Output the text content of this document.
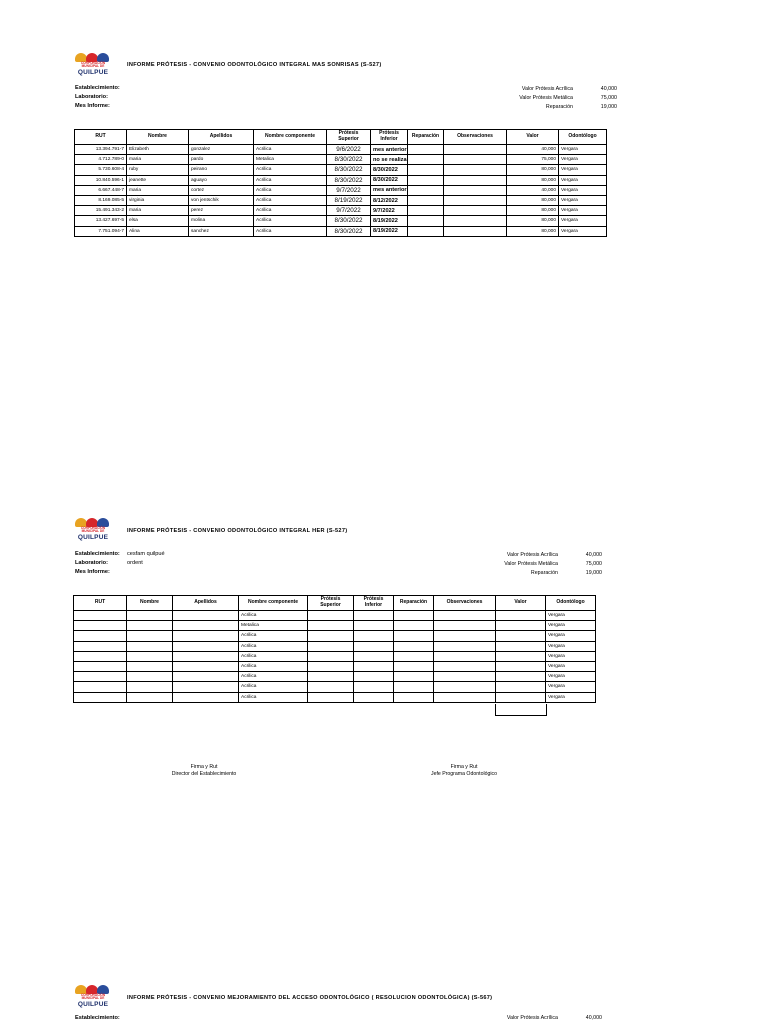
CORPORACIÓN MUNICIPAL DE
QUILPUE
INFORME PRÓTESIS - CONVENIO ODONTOLÓGICO INTEGRAL MAS SONRISAS (S-527)
Establecimiento:
Laboratorio:
Mes Informe:
Valor Prótesis Acrílica	40,000
Valor Prótesis Metálica	75,000
Reparación	19,000
RUT	Nombre	Apellidos	Nombre componente	Prótesis Superior	Prótesis Inferior	Reparación	Observaciones	Valor	Odontólogo
13.394.791-7	Elizabeth	gonzalez	Acrilica	9/6/2022	mes anterior			40,000	Vergara
4.712.789-0	maria	pardo	Metalica	8/30/2022	no se realiza			75,000	Vergara
5.730.608-4	ruby	peirano	Acrilica	8/30/2022	8/30/2022			80,000	Vergara
10.840.596-1	jeanette	aguayo	Acrilica	8/30/2022	8/30/2022			80,000	Vergara
6.667.448-7	maria	cortez	Acrilica	9/7/2022	mes anterior			40,000	Vergara
8.169.085-5	virginia	von jentschik	Acrilica	8/19/2022	8/12/2022			80,000	Vergara
15.491.343-2	maria	perez	Acrilica	9/7/2022	9/7/2022			80,000	Vergara
13.427.697-5	elsa	molina	Acrilica	8/30/2022	8/19/2022			80,000	Vergara
7.751.094-7	Alina	sanchez	Acrilica	8/30/2022	8/19/2022			80,000	Vergara
CORPORACIÓN MUNICIPAL DE
QUILPUE
INFORME PRÓTESIS - CONVENIO ODONTOLÓGICO INTEGRAL HER (S-527)
Establecimiento: cesfam quilpué
Laboratorio:	ordent
Mes Informe:
Valor Prótesis Acrílica	40,000
Valor Prótesis Metálica	75,000
Reparación	19,000
RUT	Nombre	Apellidos	Nombre componente	Prótesis Superior	Prótesis Inferior	Reparación	Observaciones	Valor	Odontólogo
			Acrilica						Vergara
			Metalica						Vergara
			Acrilica						Vergara
			Acrilica						Vergara
			Acrilica						Vergara
			Acrilica						Vergara
			Acrilica						Vergara
			Acrilica						Vergara
			Acrilica						Vergara
Firma y Rut
Director del Establecimiento
Firma y Rut
Jefe Programa Odontológico
CORPORACIÓN MUNICIPAL DE
QUILPUE
INFORME PRÓTESIS - CONVENIO MEJORAMIENTO DEL ACCESO ODONTOLÓGICO ( RESOLUCION ODONTOLÓGICA) (S-567)
Establecimiento:	Valor Prótesis Acrílica	40,000
